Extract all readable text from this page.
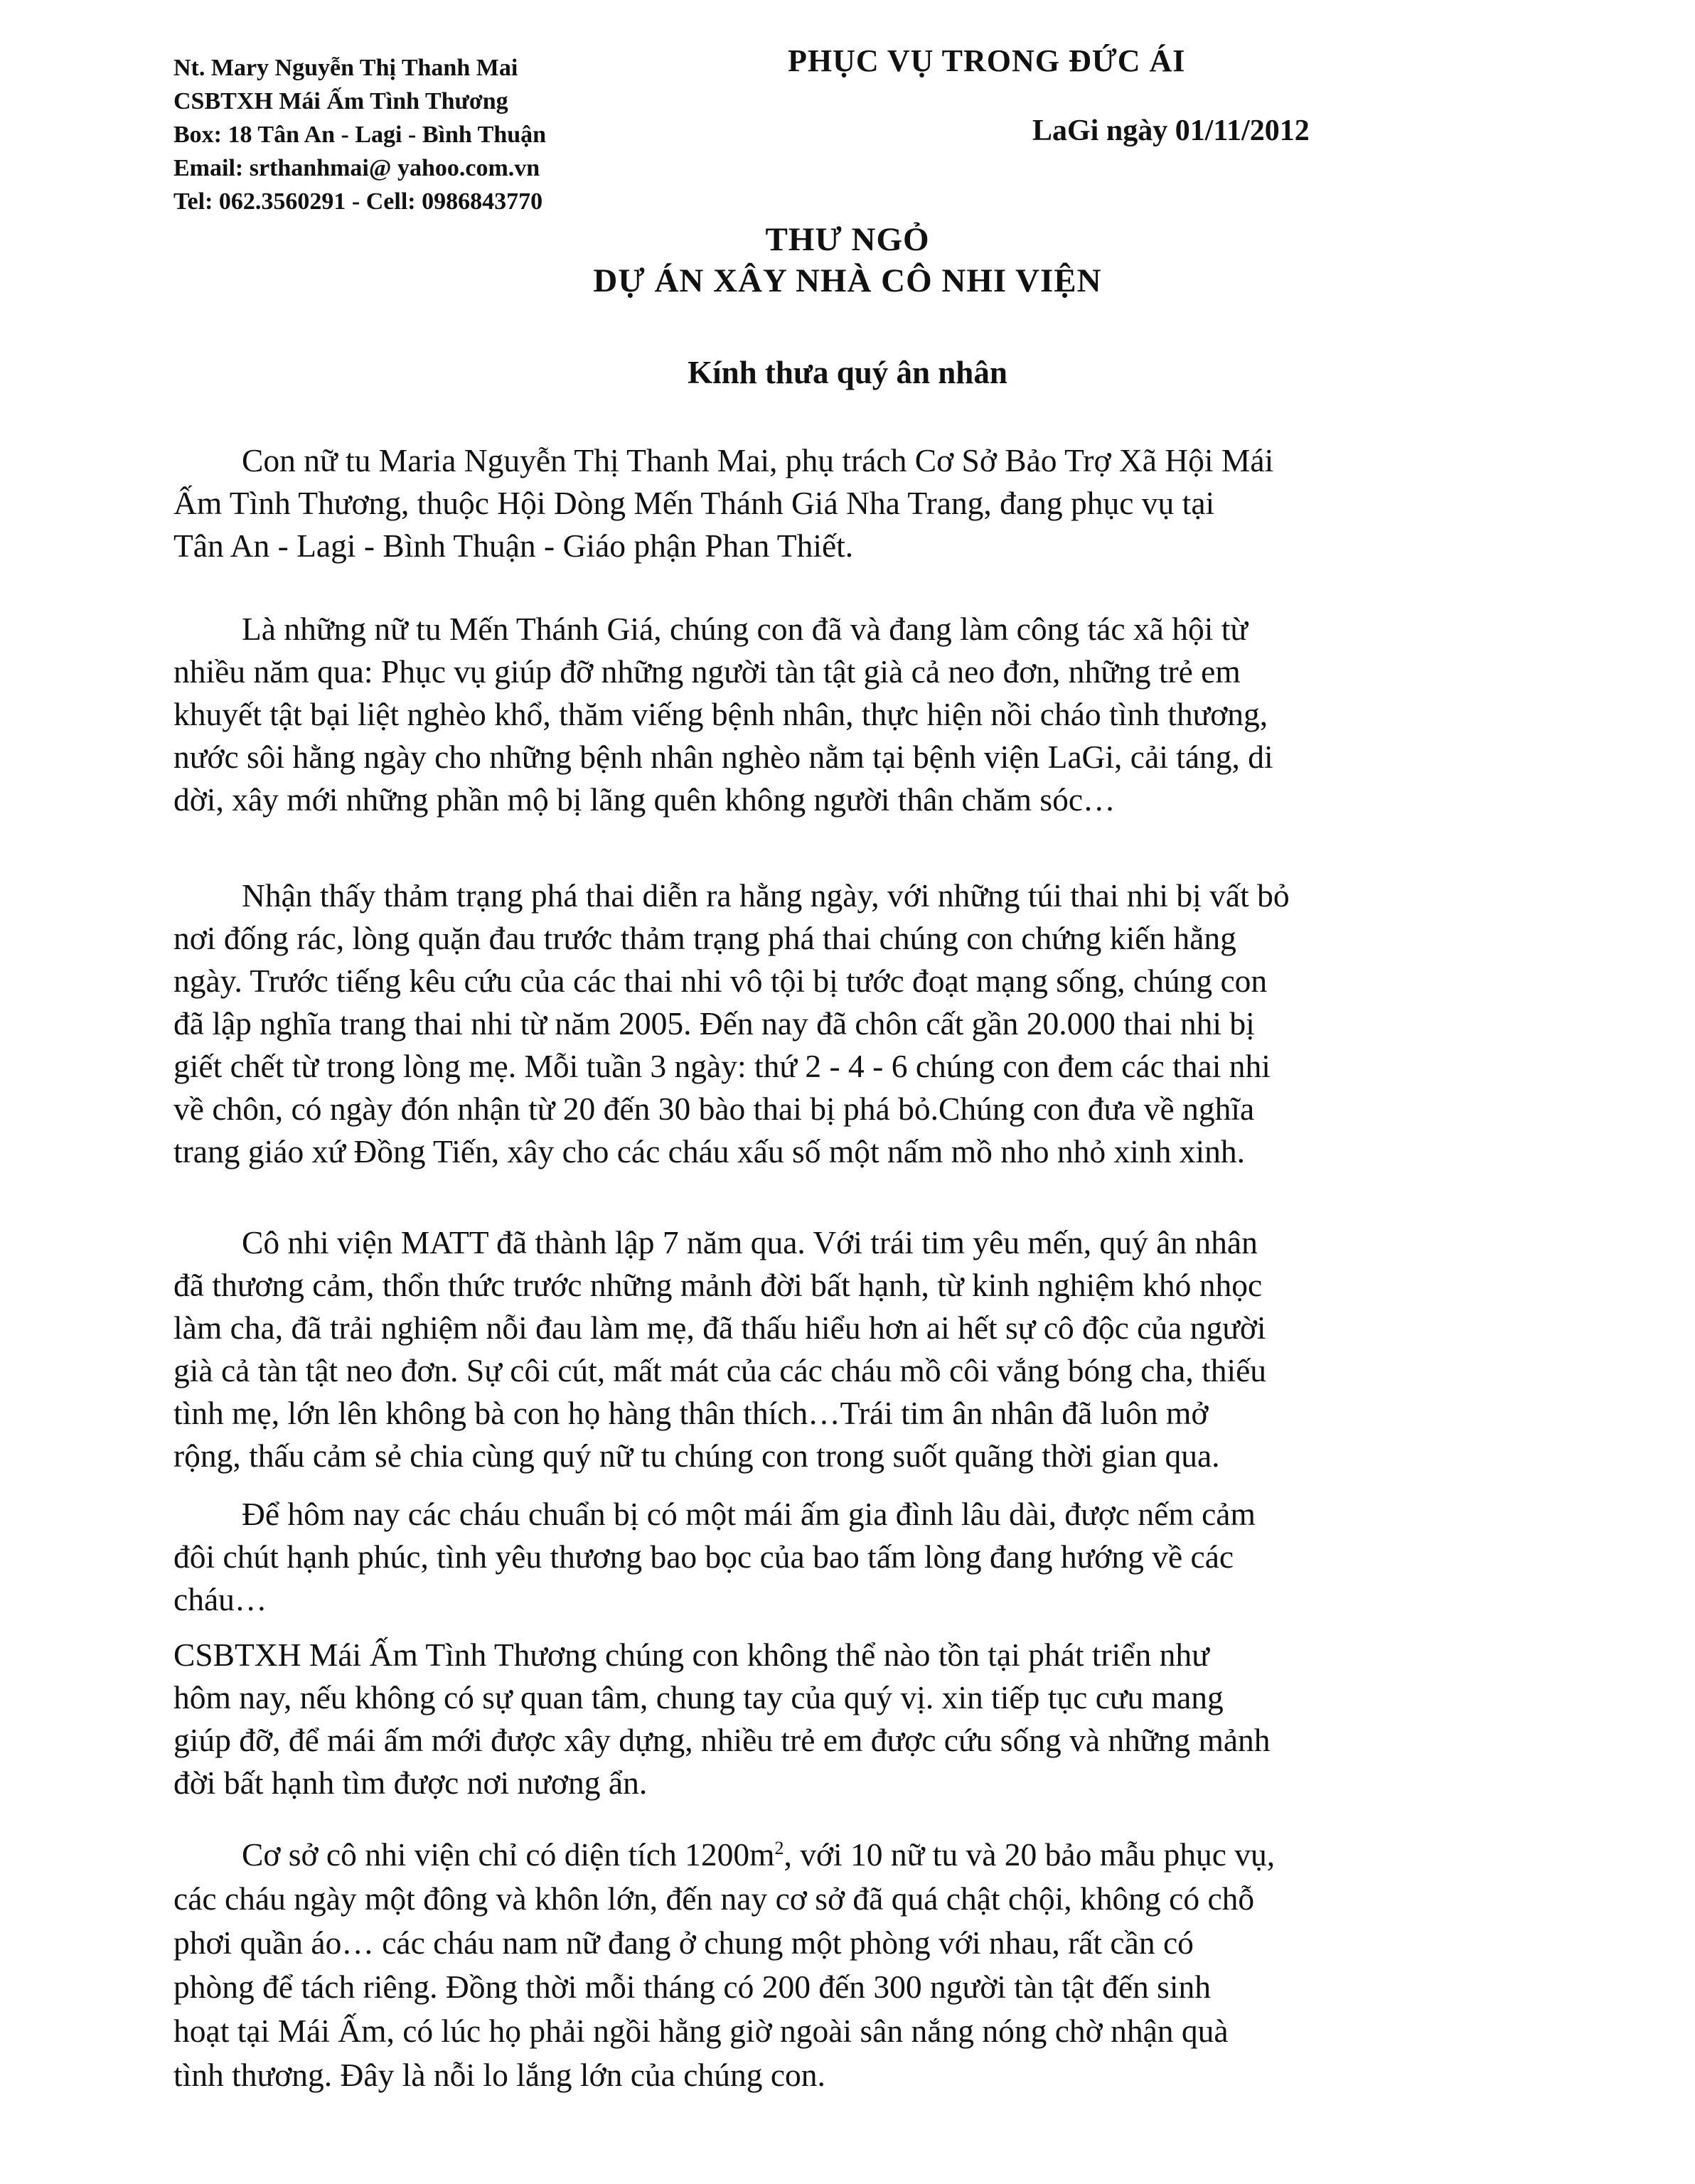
Nt. Mary Nguyễn Thị Thanh Mai
CSBTXH Mái Ấm Tình Thương
Box: 18 Tân An - Lagi - Bình Thuận
Email: srthanhmai@ yahoo.com.vn
Tel: 062.3560291 - Cell: 0986843770
PHỤC VỤ TRONG ĐỨC ÁI
LaGi ngày 01/11/2012
THƯ NGỎ
DỰ ÁN XÂY NHÀ CÔ NHI VIỆN
Kính thưa quý ân nhân
Con nữ tu Maria Nguyễn Thị Thanh Mai, phụ trách Cơ Sở Bảo Trợ Xã Hội Mái
Ấm Tình Thương, thuộc Hội Dòng Mến Thánh Giá Nha Trang, đang phục vụ tại
Tân An - Lagi - Bình Thuận - Giáo phận Phan Thiết.
Là những nữ tu Mến Thánh Giá, chúng con đã và đang làm công tác xã hội từ
nhiều năm qua: Phục vụ giúp đỡ những người tàn tật già cả neo đơn, những trẻ em
khuyết tật bại liệt nghèo khổ, thăm viếng bệnh nhân, thực hiện nồi cháo tình thương,
nước sôi hằng ngày cho những bệnh nhân nghèo nằm tại bệnh viện LaGi, cải táng, di
dời, xây mới những phần mộ bị lãng quên không người thân chăm sóc…
Nhận thấy thảm trạng phá thai diễn ra hằng ngày, với những túi thai nhi bị vất bỏ
nơi đống rác, lòng quặn đau trước thảm trạng phá thai chúng con chứng kiến hằng
ngày. Trước tiếng kêu cứu của các thai nhi vô tội bị tước đoạt mạng sống, chúng con
đã lập nghĩa trang thai nhi từ năm 2005. Đến nay đã chôn cất gần 20.000 thai nhi bị
giết chết từ trong lòng mẹ. Mỗi tuần 3 ngày: thứ 2 - 4 - 6 chúng con đem các thai nhi
về chôn, có ngày đón nhận từ 20 đến 30 bào thai bị phá bỏ.Chúng con đưa về nghĩa
trang giáo xứ Đồng Tiến, xây cho các cháu xấu số một nấm mồ nho nhỏ xinh xinh.
Cô nhi viện MATT đã thành lập 7 năm qua. Với trái tim yêu mến, quý ân nhân
đã thương cảm, thổn thức trước những mảnh đời bất hạnh, từ kinh nghiệm khó nhọc
làm cha, đã trải nghiệm nỗi đau làm mẹ, đã thấu hiểu hơn ai hết sự cô độc của người
già cả tàn tật neo đơn. Sự côi cút, mất mát của các cháu mồ côi vắng bóng cha, thiếu
tình mẹ, lớn lên không bà con họ hàng thân thích…Trái tim ân nhân đã luôn mở
rộng, thấu cảm sẻ chia cùng quý nữ tu chúng con trong suốt quãng thời gian qua.
Để hôm nay các cháu chuẩn bị có một mái ấm gia đình lâu dài, được nếm cảm
đôi chút hạnh phúc, tình yêu thương bao bọc của bao tấm lòng đang hướng về các
cháu…
CSBTXH Mái Ấm Tình Thương chúng con không thể nào tồn tại phát triển như
hôm nay, nếu không có sự quan tâm, chung tay của quý vị. xin tiếp tục cưu mang
giúp đỡ, để mái ấm mới được xây dựng, nhiều trẻ em được cứu sống và những mảnh
đời bất hạnh tìm được nơi nương ẩn.
Cơ sở cô nhi viện chỉ có diện tích $1200m^2$, với 10 nữ tu và 20 bảo mẫu phục vụ,
các cháu ngày một đông và khôn lớn, đến nay cơ sở đã quá chật chội, không có chỗ
phơi quần áo… các cháu nam nữ đang ở chung một phòng với nhau, rất cần có
phòng để tách riêng. Đồng thời mỗi tháng có 200 đến 300 người tàn tật đến sinh
hoạt tại Mái Ấm, có lúc họ phải ngồi hằng giờ ngoài sân nắng nóng chờ nhận quà
tình thương. Đây là nỗi lo lắng lớn của chúng con.
